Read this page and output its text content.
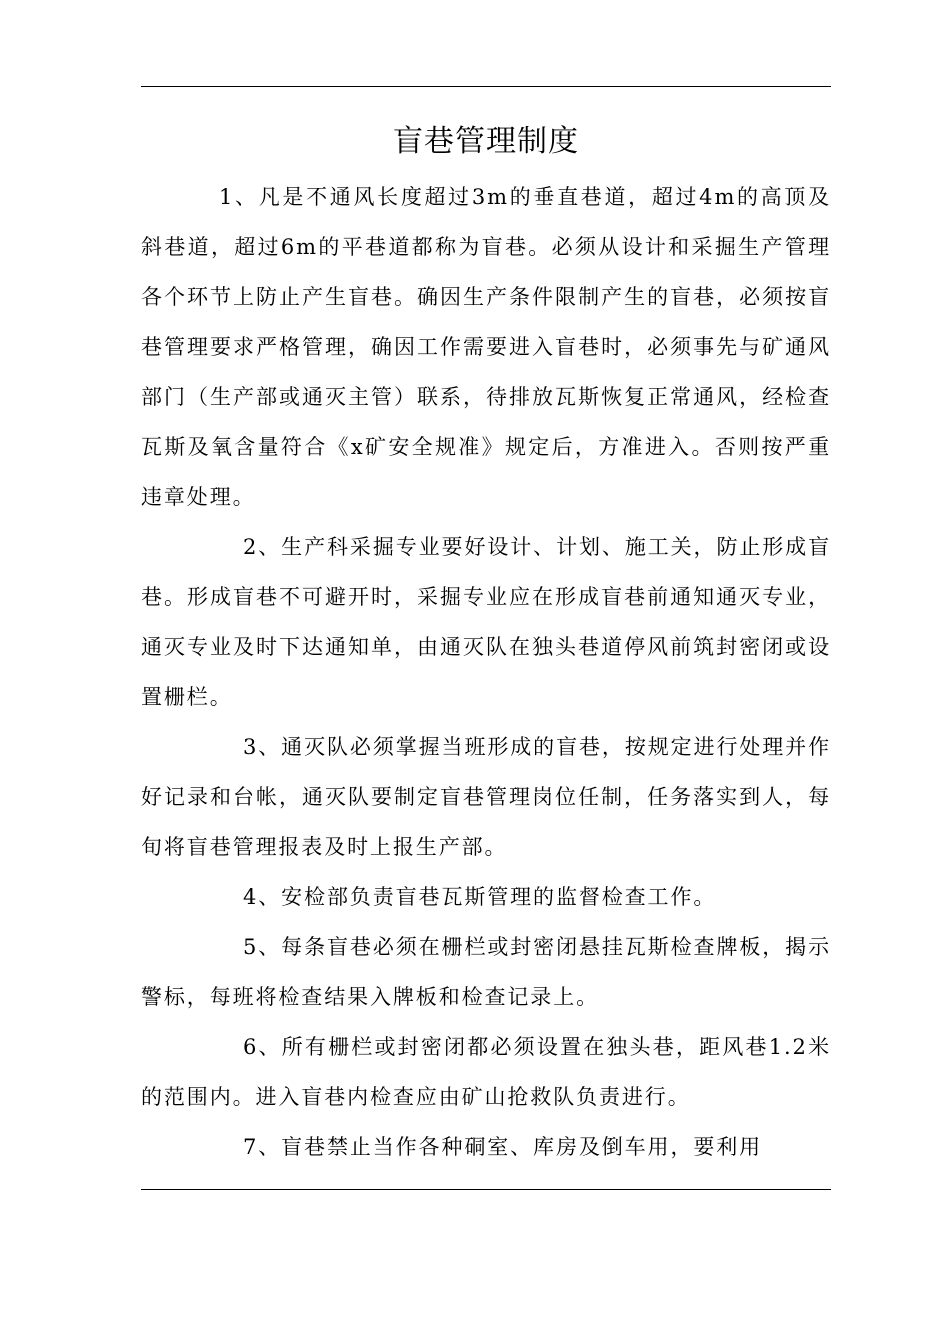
盲巷管理制度

1、凡是不通风长度超过3m的垂直巷道，超过4m的高顶及斜巷道，超过6m的平巷道都称为盲巷。必须从设计和采掘生产管理各个环节上防止产生盲巷。确因生产条件限制产生的盲巷，必须按盲巷管理要求严格管理，确因工作需要进入盲巷时，必须事先与矿通风部门（生产部或通灭主管）联系，待排放瓦斯恢复正常通风，经检查瓦斯及氧含量符合《x矿安全规准》规定后，方准进入。否则按严重违章处理。

2、生产科采掘专业要好设计、计划、施工关，防止形成盲巷。形成盲巷不可避开时，采掘专业应在形成盲巷前通知通灭专业，通灭专业及时下达通知单，由通灭队在独头巷道停风前筑封密闭或设置栅栏。

3、通灭队必须掌握当班形成的盲巷，按规定进行处理并作好记录和台帐，通灭队要制定盲巷管理岗位任制，任务落实到人，每旬将盲巷管理报表及时上报生产部。

4、安检部负责盲巷瓦斯管理的监督检查工作。

5、每条盲巷必须在栅栏或封密闭悬挂瓦斯检查牌板，揭示警标，每班将检查结果入牌板和检查记录上。

6、所有栅栏或封密闭都必须设置在独头巷，距风巷1.2米的范围内。进入盲巷内检查应由矿山抢救队负责进行。

7、盲巷禁止当作各种硐室、库房及倒车用，要利用
